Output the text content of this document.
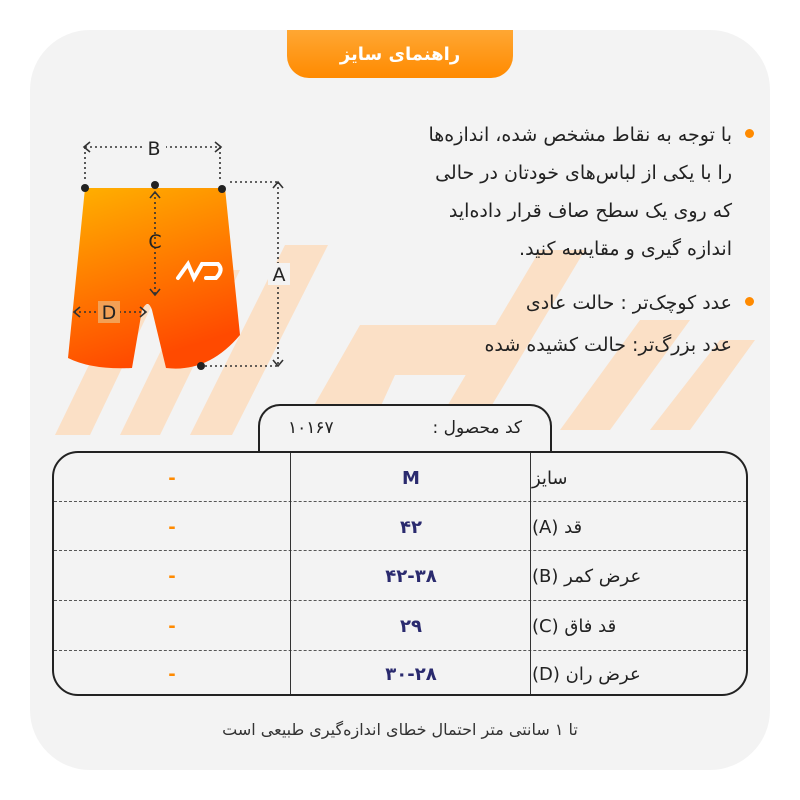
راهنمای سایز

با توجه به نقاط مشخص شده، اندازه‌ها

را با یکی از لباس‌های خودتان در حالی

که روی یک سطح صاف قرار داده‌اید

اندازه گیری و مقایسه کنید.

عدد کوچک‌تر : حالت عادی

عدد بزرگ‌تر: حالت کشیده شده

B
C
A
D
کد محصول :
۱۰۱۶۷
سایز
M
-
قد (A)
۴۲
-
عرض کمر (B)
۴۲-۳۸
-
قد فاق (C)
۲۹
-
عرض ران (D)
۳۰-۲۸
-
تا ۱ سانتی متر احتمال خطای اندازه‌گیری طبیعی است
